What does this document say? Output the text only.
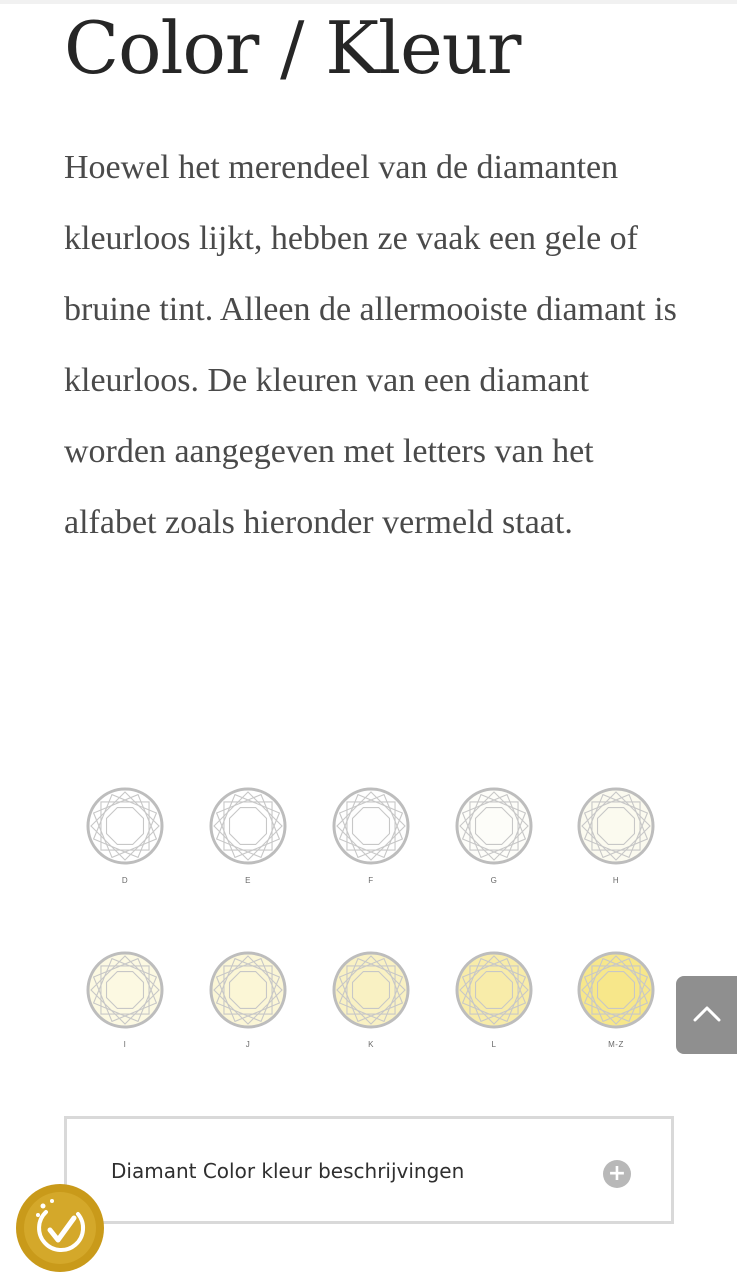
Color / Kleur

Hoewel het merendeel van de diamanten kleurloos lijkt, hebben ze vaak een gele of bruine tint. Alleen de allermooiste diamant is kleurloos. De kleuren van een diamant worden aangegeven met letters van het alfabet zoals hieronder vermeld staat.

D	E	F	G	H
I	J	K	L	M-Z
Diamant Color kleur beschrijvingen	+
